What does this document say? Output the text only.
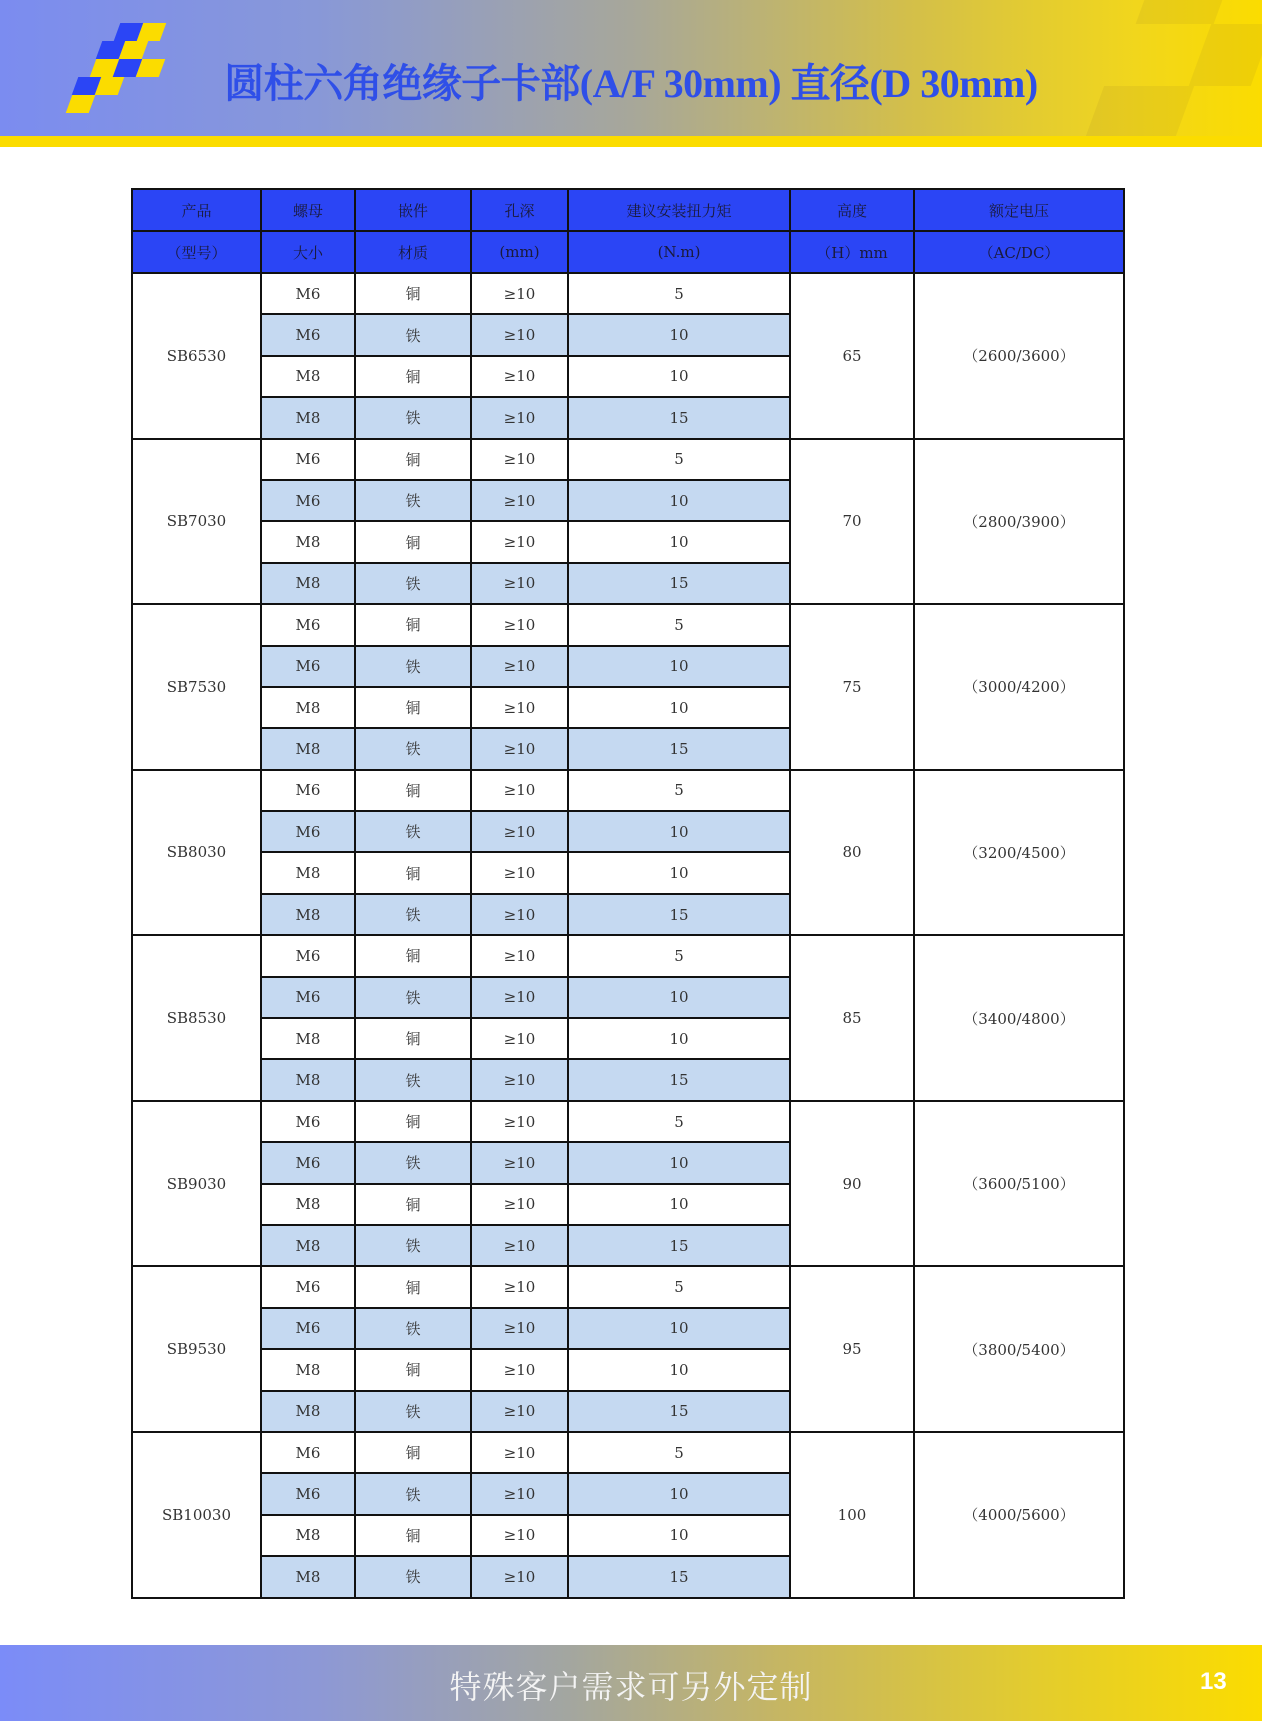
圆柱六角绝缘子卡部(A/F 30mm) 直径(D 30mm)
产品	螺母	嵌件	孔深	建议安装扭力矩	高度	额定电压
（型号）	大小	材质	(mm)	(N.m)	（H）mm	（AC/DC）
SB6530	M6	铜	≥10	5	65	（2600/3600）
	M6	铁	≥10	10		
	M8	铜	≥10	10		
	M8	铁	≥10	15		
SB7030	M6	铜	≥10	5	70	（2800/3900）
	M6	铁	≥10	10		
	M8	铜	≥10	10		
	M8	铁	≥10	15		
SB7530	M6	铜	≥10	5	75	（3000/4200）
	M6	铁	≥10	10		
	M8	铜	≥10	10		
	M8	铁	≥10	15		
SB8030	M6	铜	≥10	5	80	（3200/4500）
	M6	铁	≥10	10		
	M8	铜	≥10	10		
	M8	铁	≥10	15		
SB8530	M6	铜	≥10	5	85	（3400/4800）
	M6	铁	≥10	10		
	M8	铜	≥10	10		
	M8	铁	≥10	15		
SB9030	M6	铜	≥10	5	90	（3600/5100）
	M6	铁	≥10	10		
	M8	铜	≥10	10		
	M8	铁	≥10	15		
SB9530	M6	铜	≥10	5	95	（3800/5400）
	M6	铁	≥10	10		
	M8	铜	≥10	10		
	M8	铁	≥10	15		
SB10030	M6	铜	≥10	5	100	（4000/5600）
	M6	铁	≥10	10		
	M8	铜	≥10	10		
	M8	铁	≥10	15		
特殊客户需求可另外定制	13
